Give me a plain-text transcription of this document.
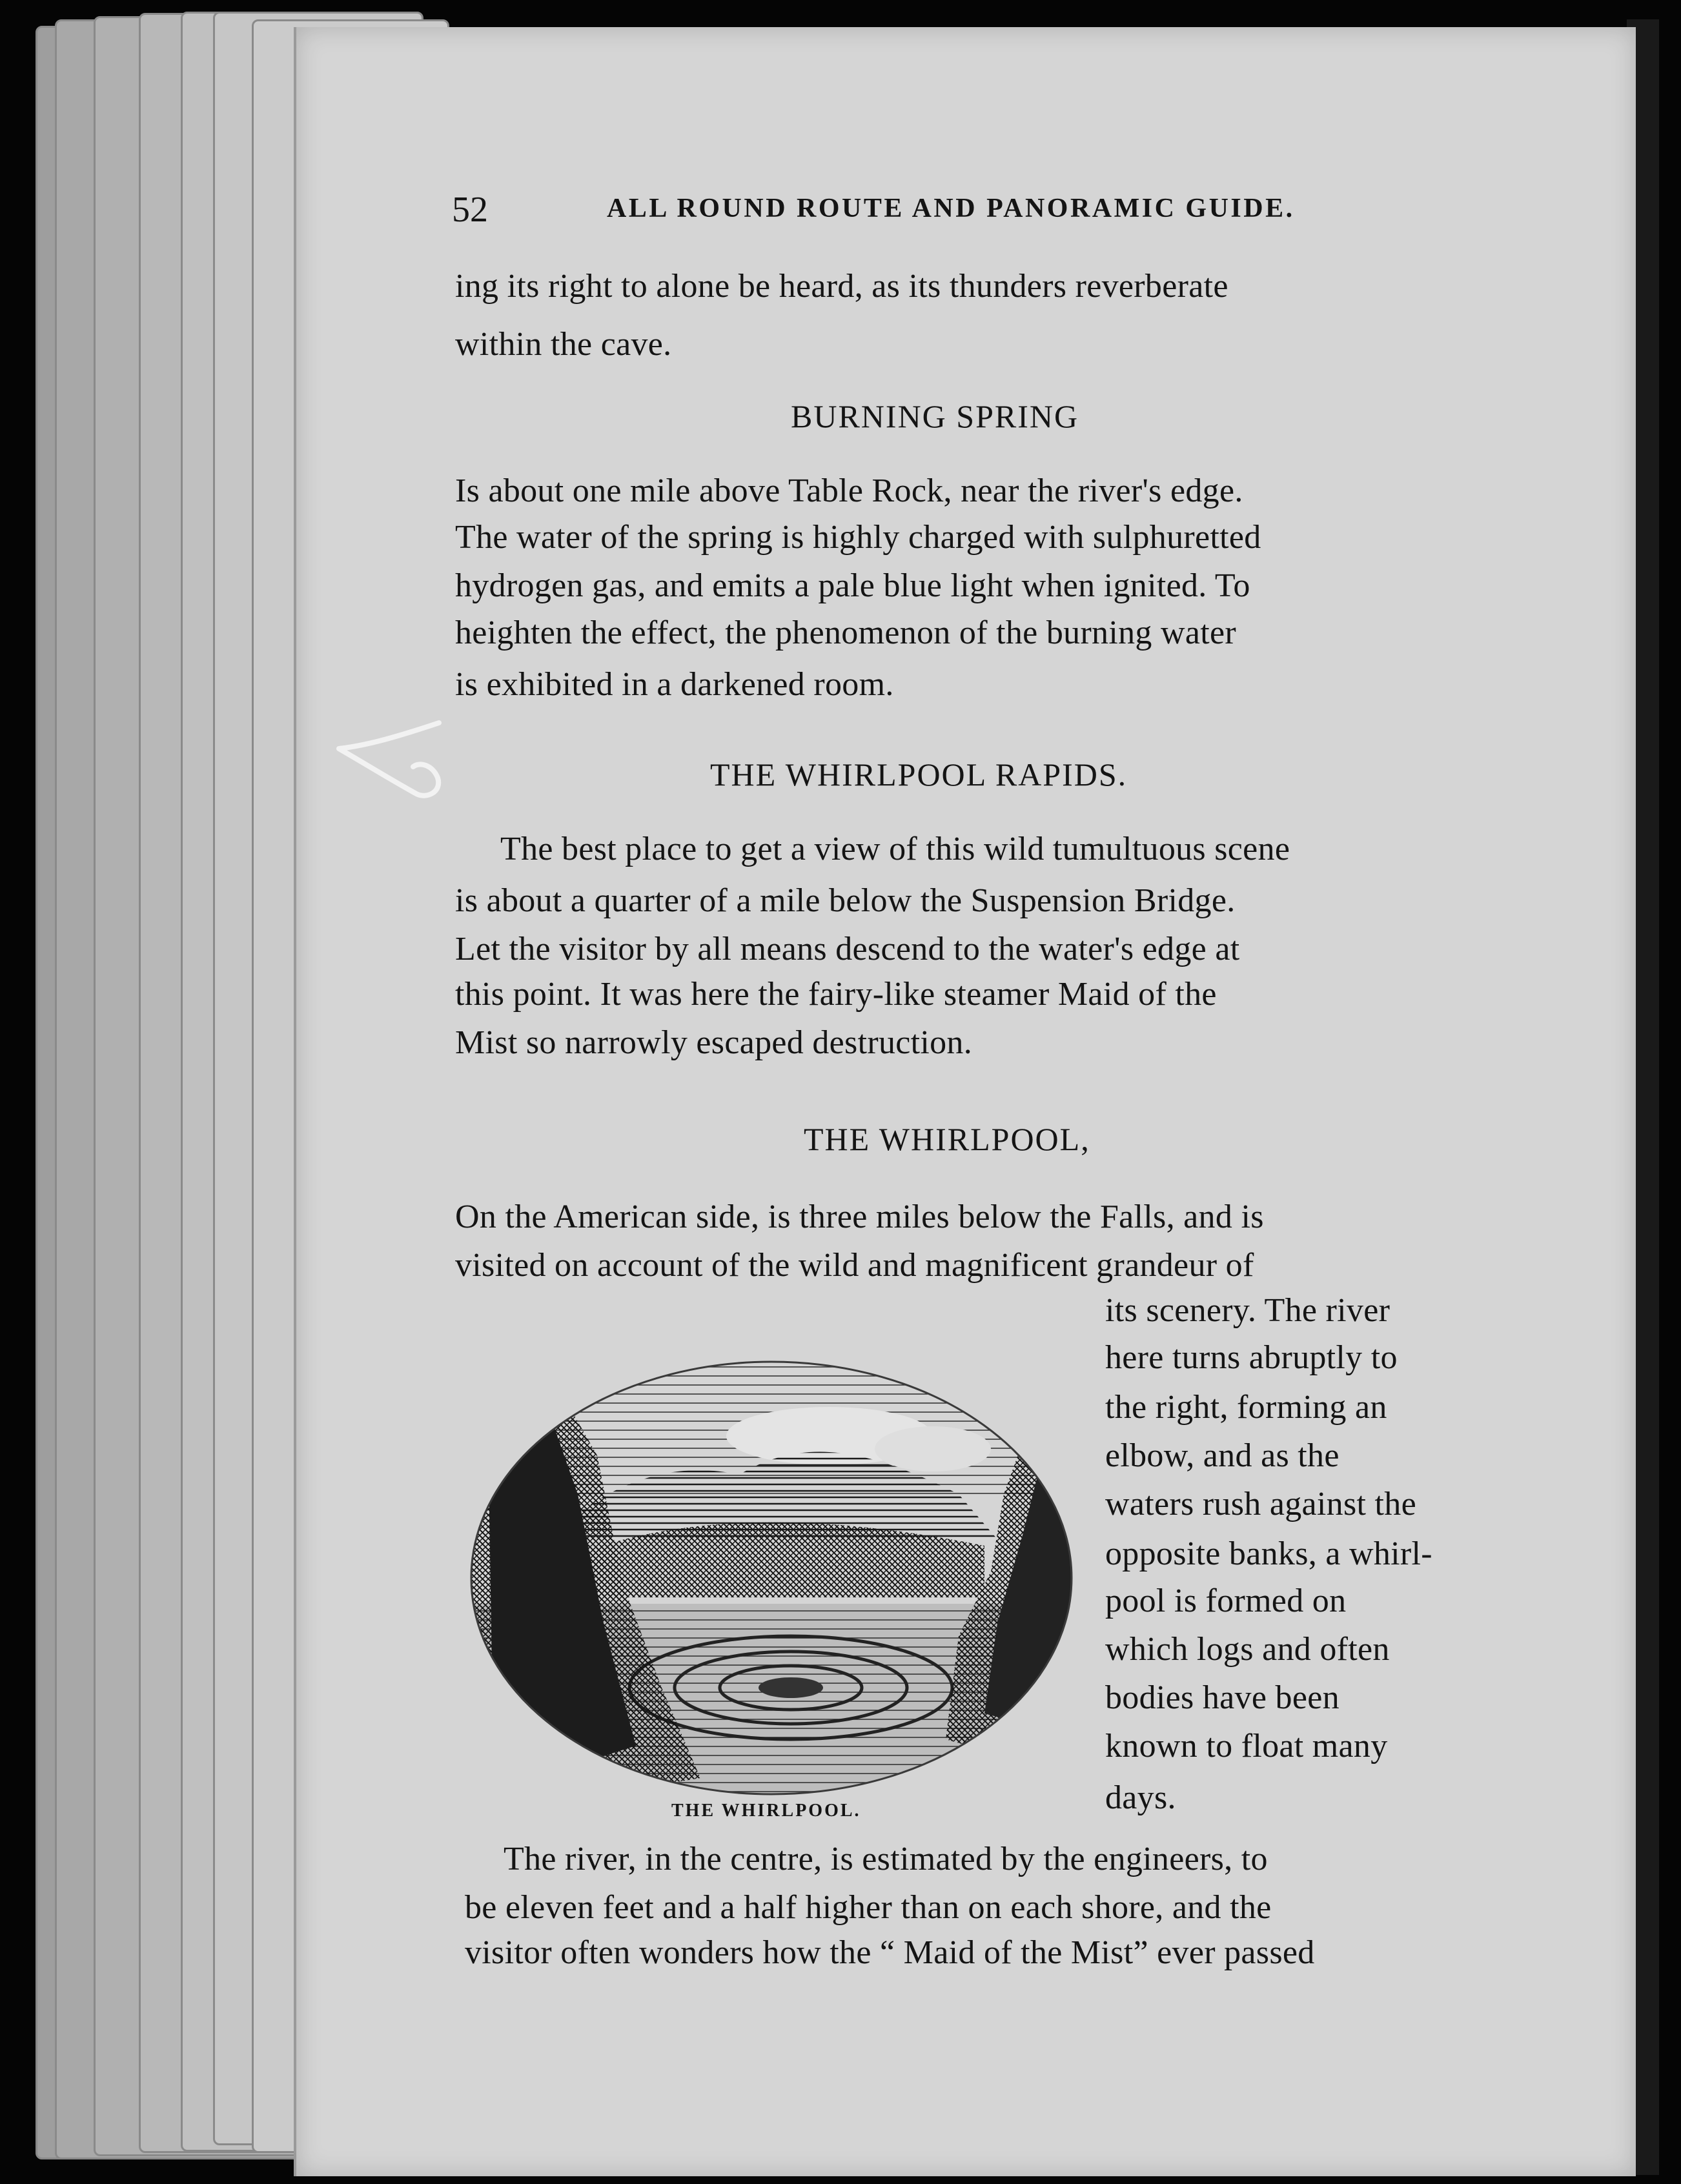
52	ALL ROUND ROUTE AND PANORAMIC GUIDE.
ing its right to alone be heard, as its thunders reverberate
within the cave.
BURNING SPRING
Is about one mile above Table Rock, near the river's edge.
The water of the spring is highly charged with sulphuretted
hydrogen gas, and emits a pale blue light when ignited. To
heighten the effect, the phenomenon of the burning water
is exhibited in a darkened room.
THE WHIRLPOOL RAPIDS.
The best place to get a view of this wild tumultuous scene
is about a quarter of a mile below the Suspension Bridge.
Let the visitor by all means descend to the water's edge at
this point. It was here the fairy-like steamer Maid of the
Mist so narrowly escaped destruction.
THE WHIRLPOOL,
On the American side, is three miles below the Falls, and is
visited on account of the wild and magnificent grandeur of
its scenery. The river
here turns abruptly to
the right, forming an
elbow, and as the
waters rush against the
opposite banks, a whirl-
pool is formed on
which logs and often
bodies have been
known to float many
days.
THE WHIRLPOOL.
The river, in the centre, is estimated by the engineers, to
be eleven feet and a half higher than on each shore, and the
visitor often wonders how the “ Maid of the Mist” ever passed
